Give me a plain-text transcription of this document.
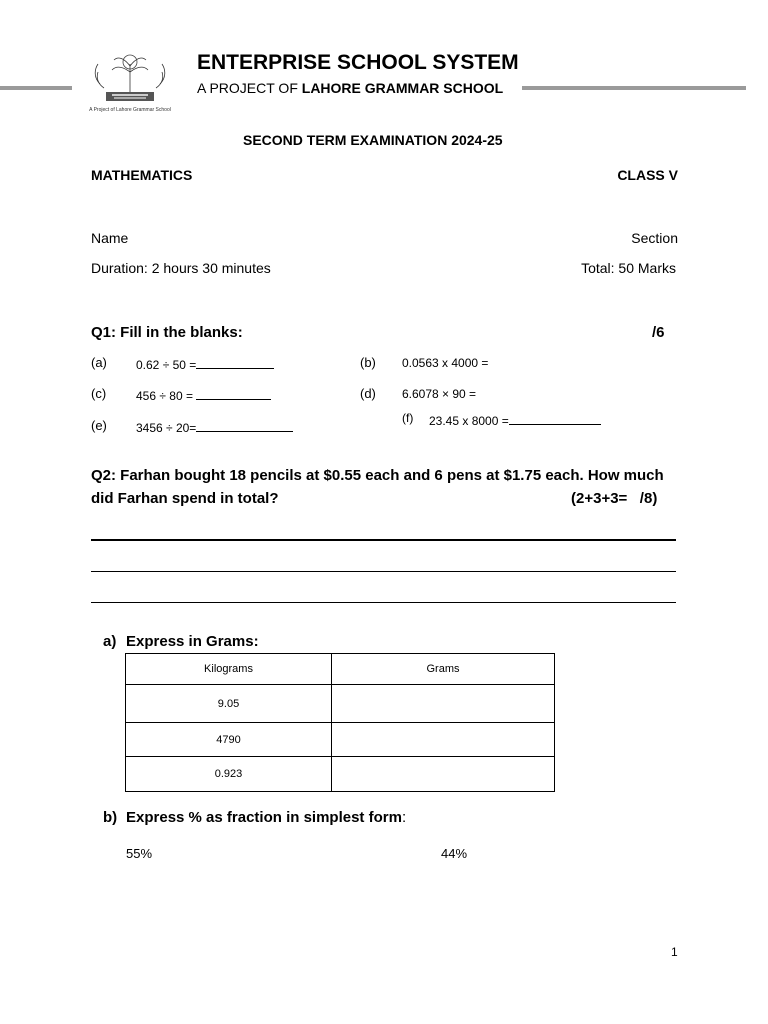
A Project of Lahore Grammar School
ENTERPRISE SCHOOL SYSTEM
A PROJECT OF LAHORE GRAMMAR SCHOOL
SECOND TERM EXAMINATION 2024-25
MATHEMATICS	CLASS V
Name	Section
Duration: 2 hours 30 minutes	Total: 50 Marks
Q1: Fill in the blanks:	/6
(a) 0.62 ÷ 50 =	(b) 0.0563 x 4000 =
(c) 456 ÷ 80 =	(d) 6.6078 × 90 =
(f) 23.45 x 8000 =
(e) 3456 ÷ 20=
Q2: Farhan bought 18 pencils at $0.55 each and 6 pens at $1.75 each. How much
did Farhan spend in total?	(2+3+3=   /8)
a) Express in Grams:
Kilograms	Grams
9.05	
4790	
0.923	
b) Express % as fraction in simplest form:
55%	44%
1
